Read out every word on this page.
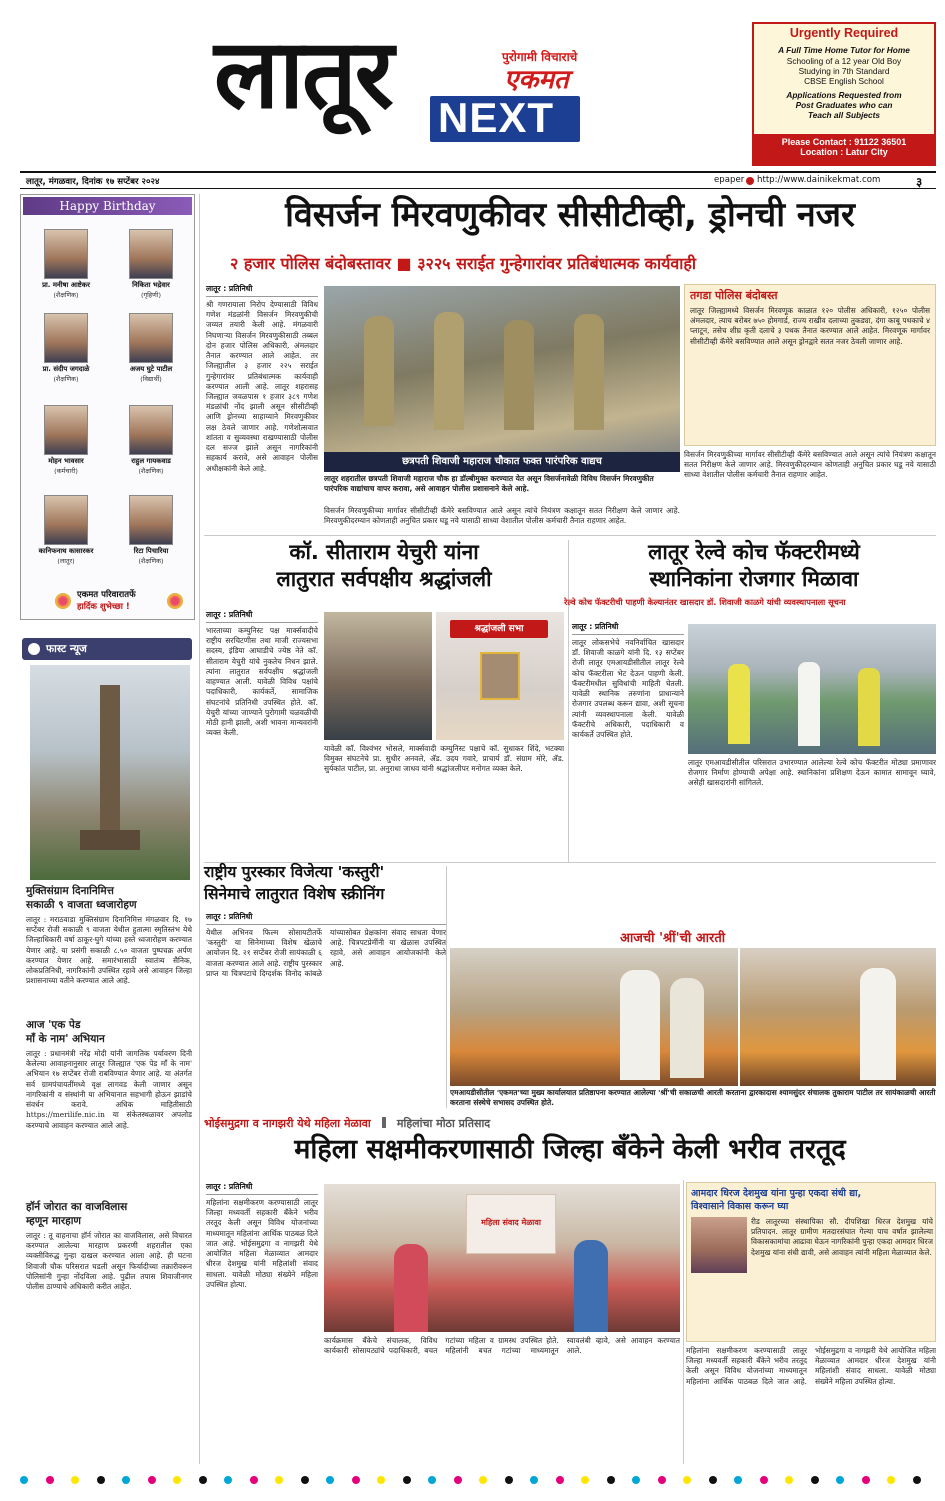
लातूर	पुरोगामी विचाराचे
एकमत
NEXT
Urgently Required
A Full Time Home Tutor for Home
Schooling of a 12 year Old Boy
Studying in 7th Standard
CBSE English School
Applications Requested from
Post Graduates who can
Teach all Subjects
Please Contact : 91122 36501
Location : Latur City
लातूर, मंगळवार, दिनांक १७ सप्टेंबर २०२४	epaper http://www.dainikekmat.com	३
Happy Birthday
प्रा. मनीषा आष्टेकर
(शैक्षणिक)
निकिता भद्रेवार
(गृहिणी)
प्रा. संदीप जगदाळे
(शैक्षणिक)
अजय घुटे पाटील
(विद्यार्थी)
मोहन भावसार
(कर्मचारी)
राहुल गायकवाड
(शैक्षणिक)
कानिफनाथ कासारकर
(लातूर)
रिटा पिचारिया
(शैक्षणिक)
एकमत परिवारातर्फे
हार्दिक शुभेच्छा !
फास्ट न्यूज
मुक्तिसंग्राम दिनानिमित्त
सकाळी ९ वाजता ध्वजारोहण
लातूर : मराठवाडा मुक्तिसंग्राम दिनानिमित्त मंगळवार दि. १७ सप्टेंबर रोजी सकाळी ९ वाजता येथील हुतात्मा स्मृतिस्तंभ येथे जिल्हाधिकारी वर्षा ठाकूर-घुगे यांच्या हस्ते ध्वजारोहण करण्यात येणार आहे. या प्रसंगी सकाळी ८.५० वाजता पुष्पचक्र अर्पण करण्यात येणार आहे. समारंभासाठी स्वातंत्र्य सैनिक, लोकप्रतिनिधी, नागरिकांनी उपस्थित रहावे असे आवाहन जिल्हा प्रशासनाच्या वतीने करण्यात आले आहे.
आज 'एक पेड
माँ के नाम' अभियान
लातूर : प्रधानमंत्री नरेंद्र मोदी यांनी जागतिक पर्यावरण दिनी केलेल्या आवाहनानुसार लातूर जिल्ह्यात 'एक पेड माँ के नाम' अभियान १७ सप्टेंबर रोजी राबविण्यात येणार आहे. या अंतर्गत सर्व ग्रामपंचायतींमध्ये वृक्ष लागवड केली जाणार असून नागरिकांनी व संस्थांनी या अभियानात सहभागी होऊन झाडांचे संवर्धन करावे. अधिक माहितीसाठी https://merilife.nic.in या संकेतस्थळावर अपलोड करण्याचे आवाहन करण्यात आले आहे.
हॉर्न जोरात का वाजविलास
म्हणून मारहाण
लातूर : तू वाहनाचा हॉर्न जोरात का वाजविलास, असे विचारत करण्यात आलेल्या मारहाण प्रकरणी शहरातील एका व्यक्तीविरुद्ध गुन्हा दाखल करण्यात आला आहे. ही घटना शिवाजी चौक परिसरात घडली असून फिर्यादीच्या तक्रारीवरून पोलिसांनी गुन्हा नोंदविला आहे. पुढील तपास शिवाजीनगर पोलीस ठाण्याचे अधिकारी करीत आहेत.
विसर्जन मिरवणुकीवर सीसीटीव्ही, ड्रोनची नजर
२ हजार पोलिस बंदोबस्तावर ■ ३२२५ सराईत गुन्हेगारांवर प्रतिबंधात्मक कार्यवाही
लातूर : प्रतिनिधी
श्री गणरायाला निरोप देण्यासाठी विविध गणेश मंडळांनी विसर्जन मिरवणुकीची जय्यत तयारी केली आहे. मंगळवारी निघणाऱ्या विसर्जन मिरवणुकीसाठी तब्बल दोन हजार पोलिस अधिकारी, अंमलदार तैनात करण्यात आले आहेत. तर जिल्ह्यातील ३ हजार २२५ सराईत गुन्हेगारांवर प्रतिबंधात्मक कार्यवाही करण्यात आली आहे. लातूर शहरासह जिल्ह्यात जवळपास १ हजार ३८९ गणेश मंडळांची नोंद झाली असून सीसीटीव्ही आणि ड्रोनच्या साहाय्याने मिरवणुकीवर लक्ष ठेवले जाणार आहे. गणेशोत्सवात शांतता व सुव्यवस्था राखण्यासाठी पोलीस दल सज्ज झाले असून नागरिकांनी सहकार्य करावे, असे आवाहन पोलीस अधीक्षकांनी केले आहे.
छत्रपती शिवाजी महाराज चौकात फक्त पारंपरिक वाद्यच
लातूर शहरातील छत्रपती शिवाजी महाराज चौक हा डॉल्बीमुक्त करण्यात येत असून विसर्जनावेळी विविध विसर्जन मिरवणुकीत पारंपरिक वाद्यांचाच वापर करावा, असे आवाहन पोलीस प्रशासनाने केले आहे.
तगडा पोलिस बंदोबस्त
लातूर जिल्ह्यामध्ये विसर्जन मिरवणूक काळात १२० पोलीस अधिकारी, १२५० पोलीस अंमलदार, त्याच बरोबर ७५० होमगार्ड, राज्य राखीव दलाच्या तुकड्या, दंगा काबू पथकाचे ४ प्लाटून, तसेच शीघ्र कृती दलाचे ३ पथक तैनात करण्यात आले आहेत. मिरवणूक मार्गावर सीसीटीव्ही कॅमेरे बसविण्यात आले असून ड्रोनद्वारे सतत नजर ठेवली जाणार आहे.
विसर्जन मिरवणुकीच्या मार्गावर सीसीटीव्ही कॅमेरे बसविण्यात आले असून त्यांचे नियंत्रण कक्षातून सतत निरीक्षण केले जाणार आहे. मिरवणुकीदरम्यान कोणताही अनुचित प्रकार घडू नये यासाठी साध्या वेशातील पोलीस कर्मचारी तैनात राहणार आहेत.
विसर्जन मिरवणुकीच्या मार्गावर सीसीटीव्ही कॅमेरे बसविण्यात आले असून त्यांचे नियंत्रण कक्षातून सतत निरीक्षण केले जाणार आहे. मिरवणुकीदरम्यान कोणताही अनुचित प्रकार घडू नये यासाठी साध्या वेशातील पोलीस कर्मचारी तैनात राहणार आहेत.
कॉ. सीताराम येचुरी यांना
लातुरात सर्वपक्षीय श्रद्धांजली
लातूर : प्रतिनिधी
भारताच्या कम्युनिस्ट पक्ष मार्क्सवादीचे राष्ट्रीय सरचिटणीस तथा माजी राज्यसभा सदस्य, इंडिया आघाडीचे ज्येष्ठ नेते कॉ. सीताराम येचुरी यांचे नुकतेच निधन झाले. त्यांना लातुरात सर्वपक्षीय श्रद्धांजली वाहण्यात आली. यावेळी विविध पक्षांचे पदाधिकारी, कार्यकर्ते, सामाजिक संघटनांचे प्रतिनिधी उपस्थित होते. कॉ. येचुरी यांच्या जाण्याने पुरोगामी चळवळीची मोठी हानी झाली, अशी भावना मान्यवरांनी व्यक्त केली.
श्रद्धांजली सभा
यावेळी कॉ. विश्वंभर भोसले, मार्क्सवादी कम्युनिस्ट पक्षाचे कॉ. सुधाकर शिंदे, भटक्या विमुक्त संघटनेचे प्रा. सुधीर अनवले, ॲड. उदय गवारे, प्राचार्य डॉ. संग्राम मोरे, ॲड. सुर्यकांत पाटील, प्रा. अनुराधा जाधव यांनी श्रद्धांजलीपर मनोगत व्यक्त केले.
लातूर रेल्वे कोच फॅक्टरीमध्ये
स्थानिकांना रोजगार मिळावा
रेल्वे कोच फॅक्टरीची पाहणी केल्यानंतर खासदार डॉ. शिवाजी काळगे यांची व्यवस्थापनाला सूचना
लातूर : प्रतिनिधी
लातूर लोकसभेचे नवनिर्वाचित खासदार डॉ. शिवाजी काळगे यांनी दि. १३ सप्टेंबर रोजी लातूर एमआयडीसीतील लातूर रेल्वे कोच फॅक्टरीला भेट देऊन पाहणी केली. फॅक्टरीमधील सुविधांची माहिती घेतली. यावेळी स्थानिक तरुणांना प्राधान्याने रोजगार उपलब्ध करून द्यावा, अशी सूचना त्यांनी व्यवस्थापनाला केली. यावेळी फॅक्टरीचे अधिकारी, पदाधिकारी व कार्यकर्ते उपस्थित होते.
लातूर एमआयडीसीतील परिसरात उभारण्यात आलेल्या रेल्वे कोच फॅक्टरीत मोठ्या प्रमाणावर रोजगार निर्माण होण्याची अपेक्षा आहे. स्थानिकांना प्रशिक्षण देऊन कामात सामावून घ्यावे, असेही खासदारांनी सांगितले.
राष्ट्रीय पुरस्कार विजेत्या 'कस्तुरी'
सिनेमाचे लातुरात विशेष स्क्रीनिंग
लातूर : प्रतिनिधी
येथील अभिनव फिल्म सोसायटीतर्फे 'कस्तुरी' या सिनेमाच्या विशेष खेळाचे आयोजन दि. २१ सप्टेंबर रोजी सायंकाळी ६ वाजता करण्यात आले आहे. राष्ट्रीय पुरस्कार प्राप्त या चित्रपटाचे दिग्दर्शक विनोद कांबळे यांच्यासोबत प्रेक्षकांना संवाद साधता येणार आहे. चित्रपटप्रेमींनी या खेळास उपस्थित रहावे, असे आवाहन आयोजकांनी केले आहे.
आजची 'श्रीं'ची आरती
एमआयडीसीतील 'एकमत'च्या मुख्य कार्यालयात प्रतिष्ठापना करण्यात आलेल्या 'श्रीं'ची सकाळची आरती करताना द्वारकादास श्यामसुंदर संचालक तुकाराम पाटील तर सायंकाळची आरती करताना संस्थेचे सभासद उपस्थित होते.
भोईसमुद्रगा व नागझरी येथे महिला मेळावा महिलांचा मोठा प्रतिसाद
महिला सक्षमीकरणासाठी जिल्हा बँकेने केली भरीव तरतूद
लातूर : प्रतिनिधी
महिलांना सक्षमीकरण करण्यासाठी लातूर जिल्हा मध्यवर्ती सहकारी बँकेने भरीव तरतूद केली असून विविध योजनांच्या माध्यमातून महिलांना आर्थिक पाठबळ दिले जात आहे. भोईसमुद्रगा व नागझरी येथे आयोजित महिला मेळाव्यात आमदार धीरज देशमुख यांनी महिलांशी संवाद साधला. यावेळी मोठ्या संख्येने महिला उपस्थित होत्या.
महिला संवाद मेळावा
कार्यक्रमास बँकेचे संचालक, विविध कार्यकारी सोसायट्यांचे पदाधिकारी, बचत गटांच्या महिला व ग्रामस्थ उपस्थित होते. महिलांनी बचत गटांच्या माध्यमातून स्वावलंबी व्हावे, असे आवाहन करण्यात आले.
आमदार धिरज देशमुख यांना पुन्हा एकदा संधी द्या,
विश्वासाने विकास करून घ्या
रीड लातूरच्या संस्थापिका सौ. दीपशिखा धिरज देशमुख यांचे प्रतिपादन. लातूर ग्रामीण मतदारसंघात गेल्या पाच वर्षात झालेल्या विकासकामांचा आढावा घेऊन नागरिकांनी पुन्हा एकदा आमदार धिरज देशमुख यांना संधी द्यावी, असे आवाहन त्यांनी महिला मेळाव्यात केले.
महिलांना सक्षमीकरण करण्यासाठी लातूर जिल्हा मध्यवर्ती सहकारी बँकेने भरीव तरतूद केली असून विविध योजनांच्या माध्यमातून महिलांना आर्थिक पाठबळ दिले जात आहे. भोईसमुद्रगा व नागझरी येथे आयोजित महिला मेळाव्यात आमदार धीरज देशमुख यांनी महिलांशी संवाद साधला. यावेळी मोठ्या संख्येने महिला उपस्थित होत्या.
